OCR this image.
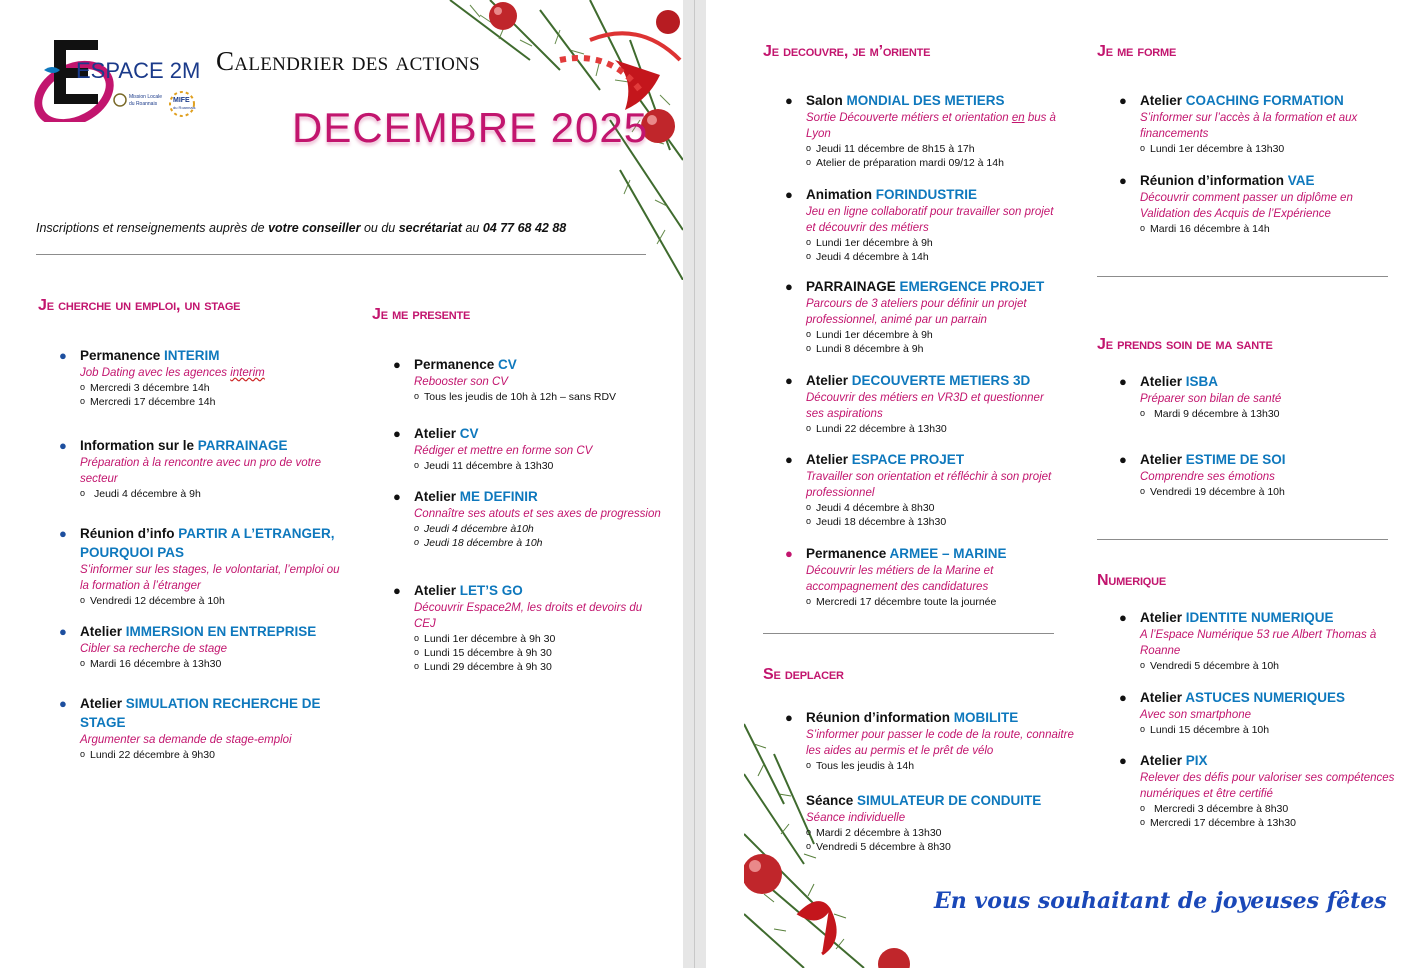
ESPACE 2M
Mission Locale
du Roannais MIFE
du Roannais
Calendrier des actions
DECEMBRE 2025
Inscriptions et renseignements auprès de votre conseiller ou du secrétariat au 04 77 68 42 88
Je cherche un emploi, un stage
● Permanence INTERIM
Job Dating avec les agences interim
o Mercredi 3 décembre 14h
o Mercredi 17 décembre 14h
● Information sur le PARRAINAGE
Préparation à la rencontre avec un pro de votre secteur
o Jeudi 4 décembre à 9h
● Réunion d’info PARTIR A L’ETRANGER, POURQUOI PAS
S’informer sur les stages, le volontariat, l’emploi ou la formation à l’étranger
o Vendredi 12 décembre à 10h
● Atelier IMMERSION EN ENTREPRISE
Cibler sa recherche de stage
o Mardi 16 décembre à 13h30
● Atelier SIMULATION RECHERCHE DE STAGE
Argumenter sa demande de stage-emploi
o Lundi 22 décembre à 9h30
Je me presente
● Permanence CV
Rebooster son CV
o Tous les jeudis de 10h à 12h – sans RDV
● Atelier CV
Rédiger et mettre en forme son CV
o Jeudi 11 décembre à 13h30
● Atelier ME DEFINIR
Connaître ses atouts et ses axes de progression
o Jeudi 4 décembre à10h
o Jeudi 18 décembre à 10h
● Atelier LET’S GO
Découvrir Espace2M, les droits et devoirs du CEJ
o Lundi 1er décembre à 9h 30
o Lundi 15 décembre à 9h 30
o Lundi 29 décembre à 9h 30
Je decouvre, je m’oriente
● Salon MONDIAL DES METIERS
Sortie Découverte métiers et orientation en bus à Lyon
o Jeudi 11 décembre de 8h15 à 17h
o Atelier de préparation mardi 09/12 à 14h
● Animation FORINDUSTRIE
Jeu en ligne collaboratif pour travailler son projet et découvrir des métiers
o Lundi 1er décembre à 9h
o Jeudi 4 décembre à 14h
● PARRAINAGE EMERGENCE PROJET
Parcours de 3 ateliers pour définir un projet professionnel, animé par un parrain
o Lundi 1er décembre à 9h
o Lundi 8 décembre à 9h
● Atelier DECOUVERTE METIERS 3D
Découvrir des métiers en VR3D et questionner ses aspirations
o Lundi 22 décembre à 13h30
● Atelier ESPACE PROJET
Travailler son orientation et réfléchir à son projet professionnel
o Jeudi 4 décembre à 8h30
o Jeudi 18 décembre à 13h30
● Permanence ARMEE – MARINE
Découvrir les métiers de la Marine et accompagnement des candidatures
o Mercredi 17 décembre toute la journée
Se deplacer
● Réunion d’information MOBILITE
S’informer pour passer le code de la route, connaitre les aides au permis et le prêt de vélo
o Tous les jeudis à 14h
Séance SIMULATEUR DE CONDUITE
Séance individuelle
o Mardi 2 décembre à 13h30
o Vendredi 5 décembre à 8h30
Je me forme
● Atelier COACHING FORMATION
S’informer sur l’accès à la formation et aux financements
o Lundi 1er décembre à 13h30
● Réunion d’information VAE
Découvrir comment passer un diplôme en Validation des Acquis de l’Expérience
o Mardi 16 décembre à 14h
Je prends soin de ma sante
● Atelier ISBA
Préparer son bilan de santé
o Mardi 9 décembre à 13h30
● Atelier ESTIME DE SOI
Comprendre ses émotions
o Vendredi 19 décembre à 10h
Numerique
● Atelier IDENTITE NUMERIQUE
A l’Espace Numérique 53 rue Albert Thomas à Roanne
o Vendredi 5 décembre à 10h
● Atelier ASTUCES NUMERIQUES
Avec son smartphone
o Lundi 15 décembre à 10h
● Atelier PIX
Relever des défis pour valoriser ses compétences numériques et être certifié
o Mercredi 3 décembre à 8h30
o Mercredi 17 décembre à 13h30
En vous souhaitant de joyeuses fêtes
